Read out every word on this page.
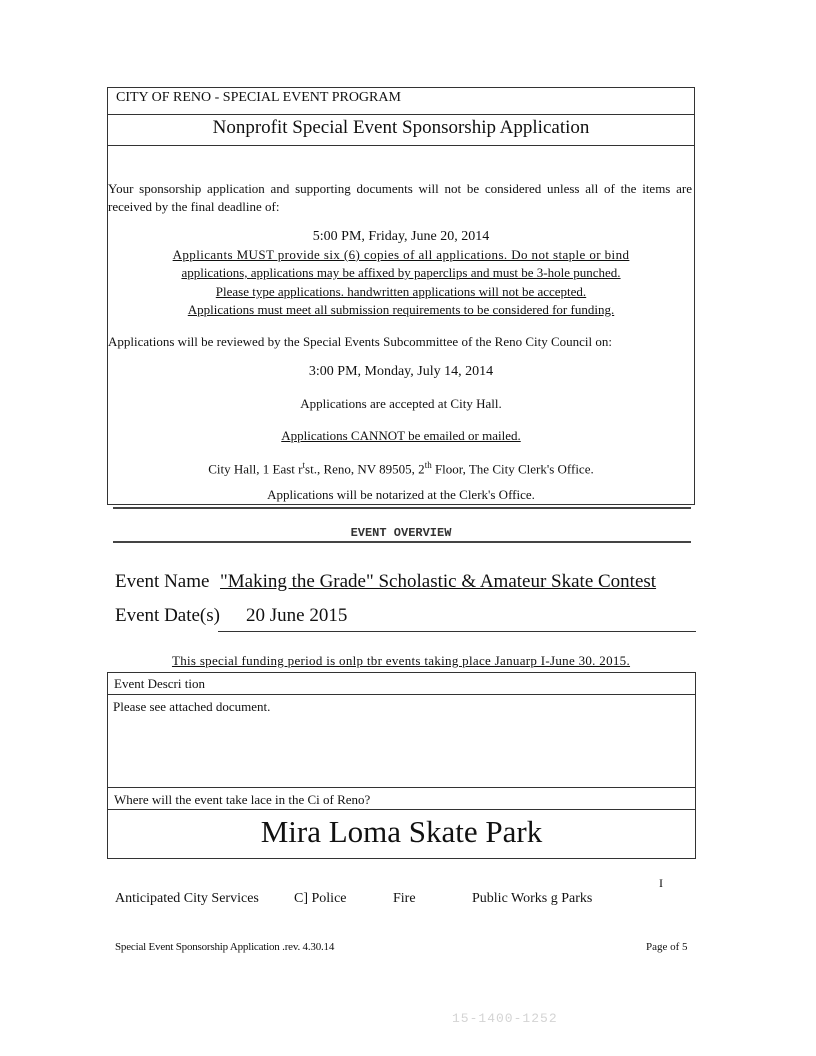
CITY OF RENO - SPECIAL EVENT PROGRAM
Nonprofit Special Event Sponsorship Application
Your sponsorship application and supporting documents will not be considered unless all of the items are received by the final deadline of:
5:00 PM, Friday, June 20, 2014
Applicants MUST provide six (6) copies of all applications. Do not staple or bind
applications, applications may be affixed by paperclips and must be 3-hole punched.
Please type applications. handwritten applications will not be accepted.
Applications must meet all submission requirements to be considered for funding.
Applications will be reviewed by the Special Events Subcommittee of the Reno City Council on:
3:00 PM, Monday, July 14, 2014
Applications are accepted at City Hall.
Applications CANNOT be emailed or mailed.
City Hall, 1 East $r^tst$., Reno, NV 89505, 2th Floor, The City Clerk's Office.
Applications will be notarized at the Clerk's Office.
EVENT OVERVIEW
Event Name "Making the Grade" Scholastic & Amateur Skate Contest
Event Date(s) 20 June 2015
This special funding period is onlp tbr events taking place Januarp I-June 30. 2015.
Event Descri tion
Please see attached document.
Where will the event take lace in the Ci of Reno?
Mira Loma Skate Park
I
Anticipated City Services	C] Police	Fire	Public Works g Parks
Special Event Sponsorship Application .rev. 4.30.14	Page of 5
15-1400-1252
